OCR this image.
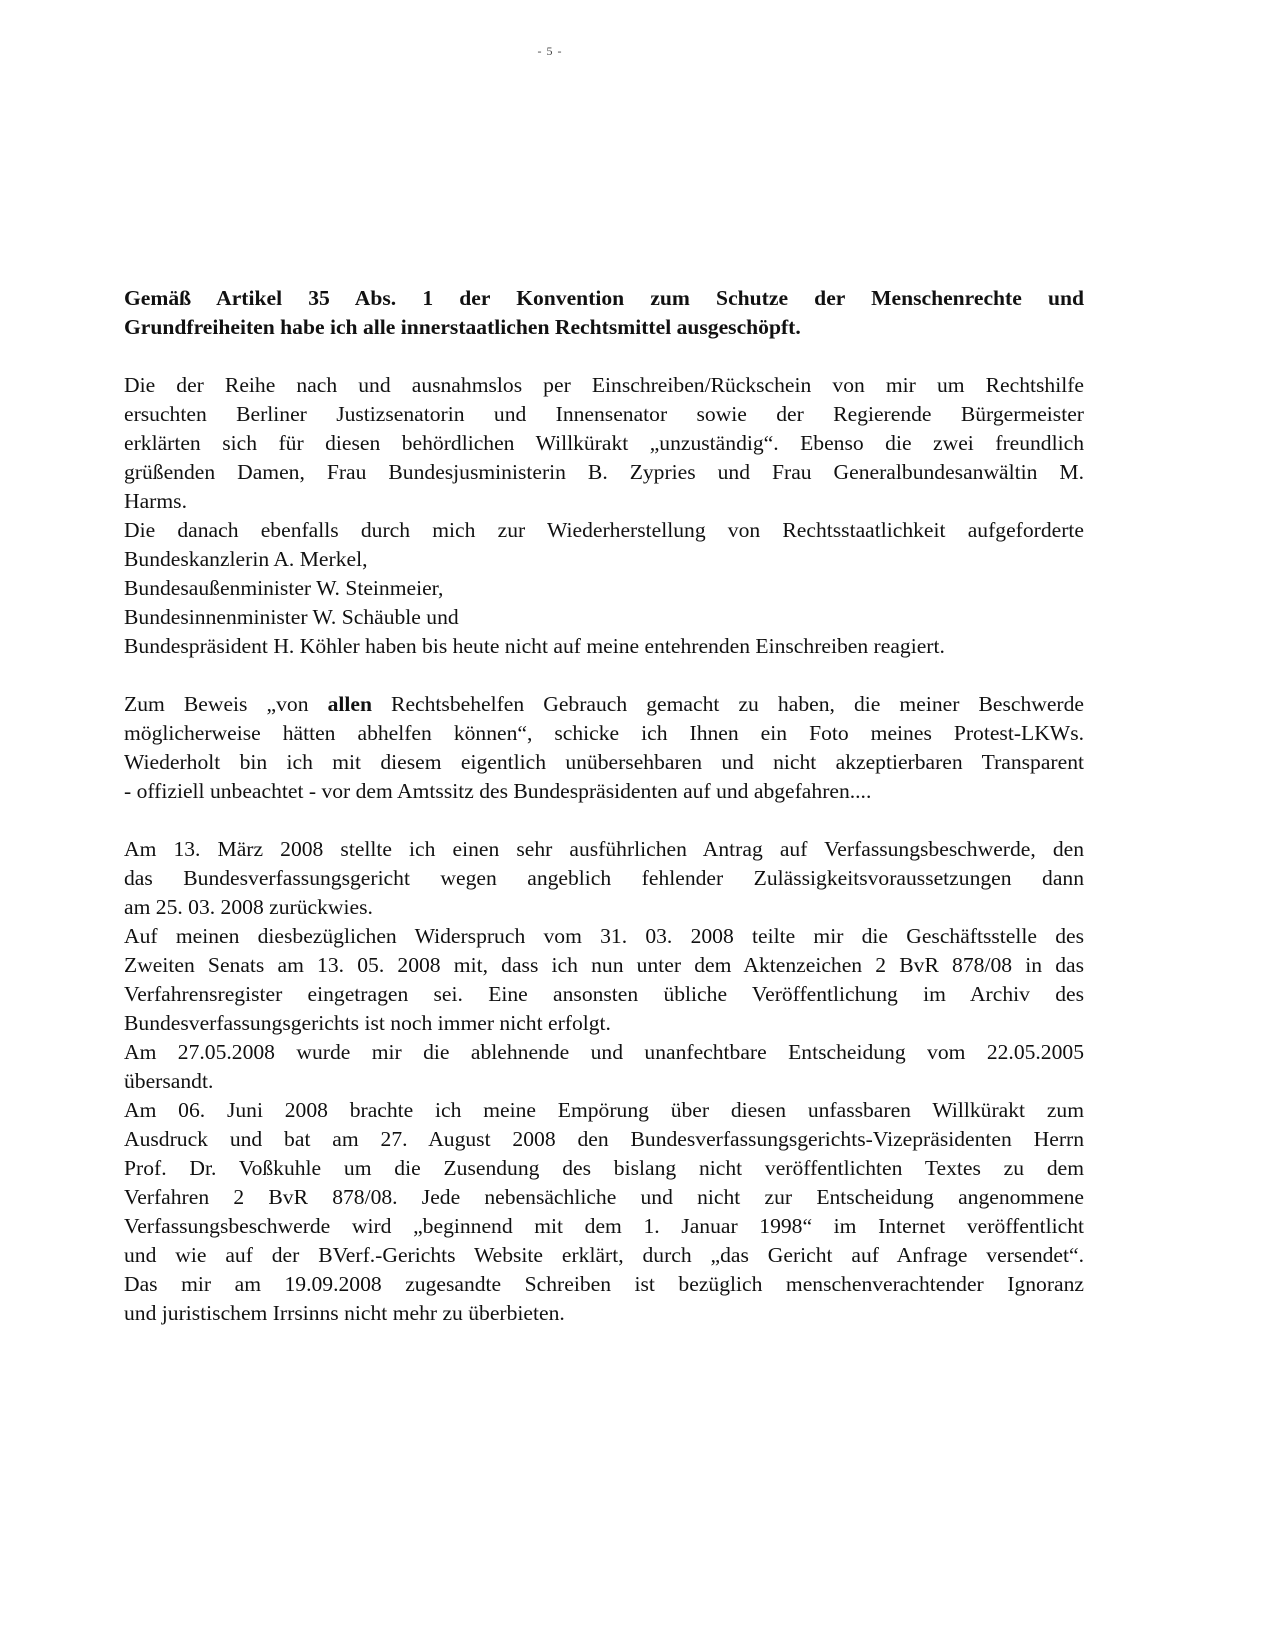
- 5 -
Gemäß Artikel 35 Abs. 1 der Konvention zum Schutze der Menschenrechte und
Grundfreiheiten habe ich alle innerstaatlichen Rechtsmittel ausgeschöpft.
Die der Reihe nach und ausnahmslos per Einschreiben/Rückschein von mir um Rechtshilfe
ersuchten Berliner Justizsenatorin und Innensenator sowie der Regierende Bürgermeister
erklärten sich für diesen behördlichen Willkürakt „unzuständig“. Ebenso die zwei freundlich
grüßenden Damen, Frau Bundesjusministerin B. Zypries und Frau Generalbundesanwältin M.
Harms.
Die danach ebenfalls durch mich zur Wiederherstellung von Rechtsstaatlichkeit aufgeforderte
Bundeskanzlerin A. Merkel,
Bundesaußenminister W. Steinmeier,
Bundesinnenminister W. Schäuble und
Bundespräsident H. Köhler haben bis heute nicht auf meine entehrenden Einschreiben reagiert.
Zum Beweis „von allen Rechtsbehelfen Gebrauch gemacht zu haben, die meiner Beschwerde
möglicherweise hätten abhelfen können“, schicke ich Ihnen ein Foto meines Protest-LKWs.
Wiederholt bin ich mit diesem eigentlich unübersehbaren und nicht akzeptierbaren Transparent
- offiziell unbeachtet - vor dem Amtssitz des Bundespräsidenten auf und abgefahren....
Am 13. März 2008 stellte ich einen sehr ausführlichen Antrag auf Verfassungsbeschwerde, den
das Bundesverfassungsgericht wegen angeblich fehlender Zulässigkeitsvoraussetzungen dann
am 25. 03. 2008 zurückwies.
Auf meinen diesbezüglichen Widerspruch vom 31. 03. 2008 teilte mir die Geschäftsstelle des
Zweiten Senats am 13. 05. 2008 mit, dass ich nun unter dem Aktenzeichen 2 BvR 878/08 in das
Verfahrensregister eingetragen sei. Eine ansonsten übliche Veröffentlichung im Archiv des
Bundesverfassungsgerichts ist noch immer nicht erfolgt.
Am 27.05.2008 wurde mir die ablehnende und unanfechtbare Entscheidung vom 22.05.2005
übersandt.
Am 06. Juni 2008 brachte ich meine Empörung über diesen unfassbaren Willkürakt zum
Ausdruck und bat am 27. August 2008 den Bundesverfassungsgerichts-Vizepräsidenten Herrn
Prof. Dr. Voßkuhle um die Zusendung des bislang nicht veröffentlichten Textes zu dem
Verfahren 2 BvR 878/08. Jede nebensächliche und nicht zur Entscheidung angenommene
Verfassungsbeschwerde wird „beginnend mit dem 1. Januar 1998“ im Internet veröffentlicht
und wie auf der BVerf.-Gerichts Website erklärt, durch „das Gericht auf Anfrage versendet“.
Das mir am 19.09.2008 zugesandte Schreiben ist bezüglich menschenverachtender Ignoranz
und juristischem Irrsinns nicht mehr zu überbieten.
